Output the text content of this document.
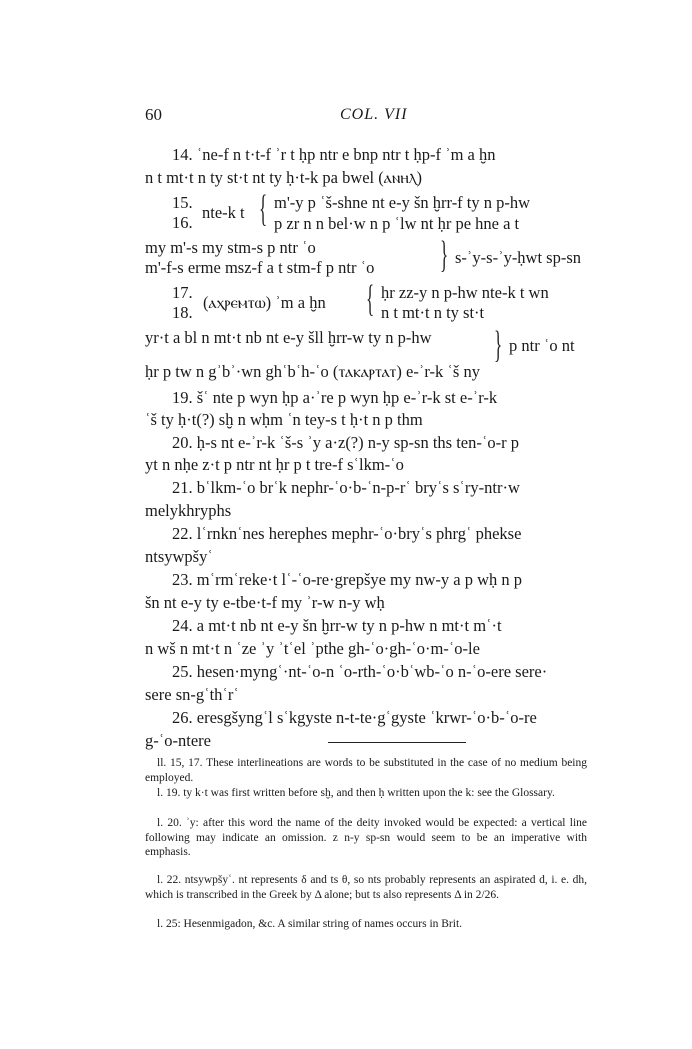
60	COL. VII
14. ʿne-f n t·t-f ʾr t ḥp ntr e bnp ntr t ḥp-f ʾm a ḫn
n t mt·t n ty st·t nt ty ḥ·t-k pa bwel (ⲁⲛⲏⲗ)
15.
16.
nte-k t { m'-y p ʿš-shne nt e-y šn ḫrr-f ty n p-hw
p zr n n bel·w n p ʿlw nt ḥr pe hne a t
my m'-s my stm-s p ntr ʿo
m'-f-s erme msz-f a t stm-f p ntr ʿo } s-ʾy-s-ʾy-ḥwt sp-sn
17.
18.
(ⲁⲭⲣⲉⲙⲧⲱ) ʾm a ḫn { ḥr zz-y n p-hw nte-k t wn
n t mt·t n ty st·t
yr·t a bl n mt·t nb nt e-y šll ḫrr-w ty n p-hw } p ntr ʿo nt
ḥr p tw n gʾbʾ·wn ghʿbʿh-ʿo (ⲧⲁⲕⲁⲣⲧⲁⲧ) e-ʾr-k ʿš ny
19. šʿ nte p wyn ḥp a·ʾre p wyn ḥp e-ʾr-k st e-ʾr-k
ʿš ty ḥ·t(?) sḫ n wḥm ʿn tey-s t ḥ·t n p thm
20. ḥ-s nt e-ʾr-k ʿš-s ʾy a·z(?) n-y sp-sn ths ten-ʿo-r p
yt n nḥe z·t p ntr nt ḥr p t tre-f sʿlkm-ʿo
21. bʿlkm-ʿo brʿk nephr-ʿo·b-ʿn-p-rʿ bryʿs sʿry-ntr·w
melykhryphs
22. lʿrnknʿnes herephes mephr-ʿo·bryʿs phrgʿ phekse
ntsywpšyʿ
23. mʿrmʿreke·t lʿ-ʿo-re·grepšye my nw-y a p wḥ n p
šn nt e-y ty e-tbe·t-f my ʾr-w n-y wḥ
24. a mt·t nb nt e-y šn ḫrr-w ty n p-hw n mt·t mʿ·t
n wš n mt·t n ʿze ʾy ʾtʿel ʾpthe gh-ʿo·gh-ʿo·m-ʿo-le
25. hesen·myngʿ·nt-ʿo-n ʿo-rth-ʿo·bʿwb-ʿo n-ʿo-ere sere·
sere sn-gʿthʿrʿ
26. eresgšyngʿl sʿkgyste n-t-te·gʿgyste ʿkrwr-ʿo·b-ʿo-re
g-ʿo-ntere
ll. 15, 17. These interlineations are words to be substituted in the case of no medium being employed.
l. 19. ty k·t was first written before sḫ, and then ḥ written upon the k: see the Glossary.
l. 20. ʾy: after this word the name of the deity invoked would be expected: a vertical line following may indicate an omission. z n-y sp-sn would seem to be an imperative with emphasis.
l. 22. ntsywpšyʿ. nt represents δ and ts θ, so nts probably represents an aspirated d, i. e. dh, which is transcribed in the Greek by Δ alone; but ts also represents Δ in 2/26.
l. 25: Hesenmigadon, &c. A similar string of names occurs in Brit.
